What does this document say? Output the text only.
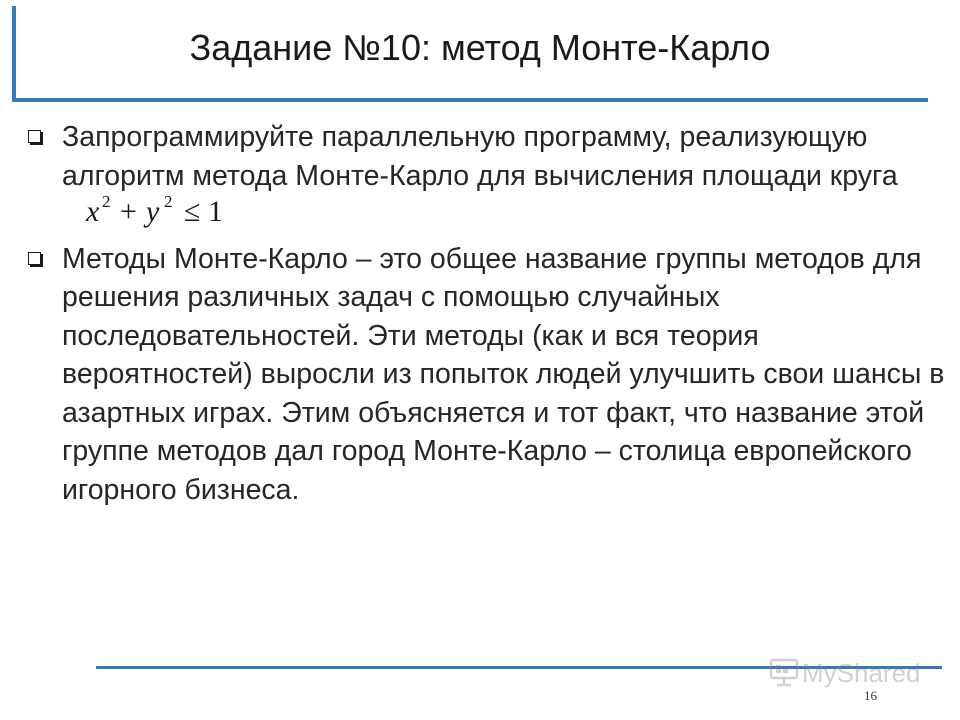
Задание №10: метод Монте-Карло
Запрограммируйте параллельную программу, реализующую алгоритм метода Монте-Карло для вычисления площади круга
x 2 + y 2 ≤ 1
Методы Монте-Карло – это общее название группы методов для решения различных задач с помощью случайных последовательностей. Эти методы (как и вся теория вероятностей) выросли из попыток людей улучшить свои шансы в азартных играх. Этим объясняется и тот факт, что название этой группе методов дал город Монте-Карло – столица европейского игорного бизнеса.
MyShared
16
